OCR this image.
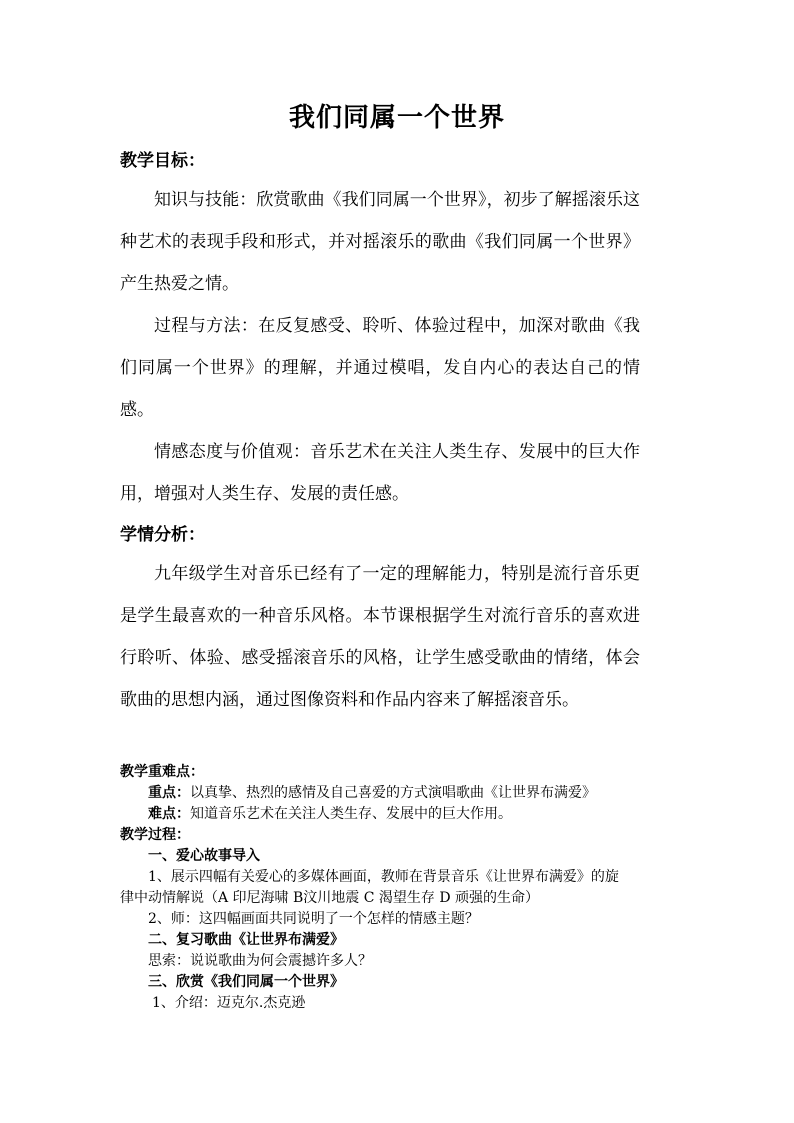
我们同属一个世界
教学目标：

知识与技能：欣赏歌曲《我们同属一个世界》，初步了解摇滚乐这种艺术的表现手段和形式，并对摇滚乐的歌曲《我们同属一个世界》产生热爱之情。

过程与方法：在反复感受、聆听、体验过程中，加深对歌曲《我们同属一个世界》的理解，并通过模唱，发自内心的表达自己的情感。

情感态度与价值观：音乐艺术在关注人类生存、发展中的巨大作用，增强对人类生存、发展的责任感。

学情分析：

九年级学生对音乐已经有了一定的理解能力，特别是流行音乐更是学生最喜欢的一种音乐风格。本节课根据学生对流行音乐的喜欢进行聆听、体验、感受摇滚音乐的风格，让学生感受歌曲的情绪，体会歌曲的思想内涵，通过图像资料和作品内容来了解摇滚音乐。

教学重难点：
重点：以真挚、热烈的感情及自己喜爱的方式演唱歌曲《让世界布满爱》
难点：知道音乐艺术在关注人类生存、发展中的巨大作用。
教学过程：
一、爱心故事导入
1、展示四幅有关爱心的多媒体画面，教师在背景音乐《让世界布满爱》的旋
律中动情解说（A 印尼海啸 B汶川地震 C 渴望生存 D 顽强的生命）
2、师：这四幅画面共同说明了一个怎样的情感主题？
二、复习歌曲《让世界布满爱》
思索：说说歌曲为何会震撼许多人？
三、欣赏《我们同属一个世界》
1、介绍：迈克尔.杰克逊
